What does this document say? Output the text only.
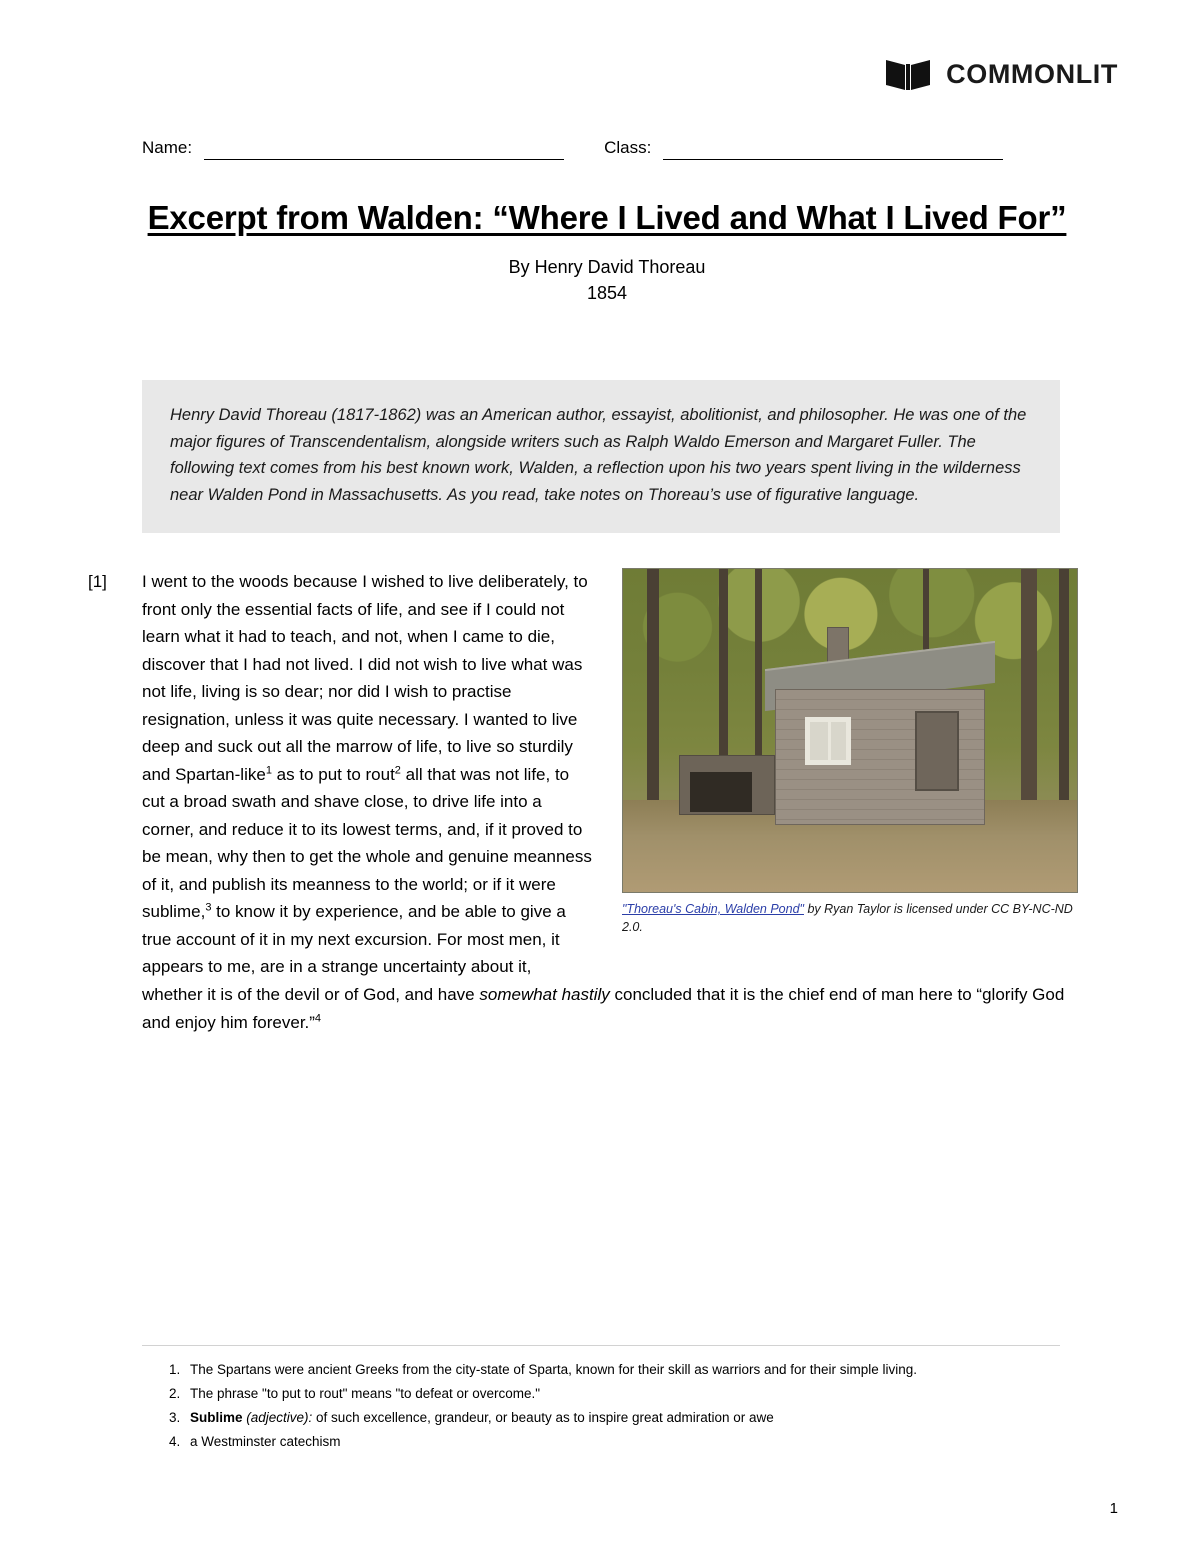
COMMONLIT
Name:	Class:
Excerpt from Walden: “Where I Lived and What I Lived For”

By Henry David Thoreau

1854

Henry David Thoreau (1817-1862) was an American author, essayist, abolitionist, and philosopher. He was one of the major figures of Transcendentalism, alongside writers such as Ralph Waldo Emerson and Margaret Fuller. The following text comes from his best known work, Walden, a reflection upon his two years spent living in the wilderness near Walden Pond in Massachusetts. As you read, take notes on Thoreau’s use of figurative language.

[1]

"Thoreau's Cabin, Walden Pond" by Ryan Taylor is licensed under CC BY-NC-ND 2.0.

I went to the woods because I wished to live deliberately, to front only the essential facts of life, and see if I could not learn what it had to teach, and not, when I came to die, discover that I had not lived. I did not wish to live what was not life, living is so dear; nor did I wish to practise resignation, unless it was quite necessary. I wanted to live deep and suck out all the marrow of life, to live so sturdily and Spartan-like$^1$ as to put to rout$^2$ all that was not life, to cut a broad swath and shave close, to drive life into a corner, and reduce it to its lowest terms, and, if it proved to be mean, why then to get the whole and genuine meanness of it, and publish its meanness to the world; or if it were sublime,$^3$ to know it by experience, and be able to give a true account of it in my next excursion. For most men, it appears to me, are in a strange uncertainty about it, whether it is of the devil or of God, and have somewhat hastily concluded that it is the chief end of man here to “glorify God and enjoy him forever.”$^4$

1. The Spartans were ancient Greeks from the city-state of Sparta, known for their skill as warriors and for their simple living.
2. The phrase "to put to rout" means "to defeat or overcome."
3. Sublime (adjective): of such excellence, grandeur, or beauty as to inspire great admiration or awe
4. a Westminster catechism
1
